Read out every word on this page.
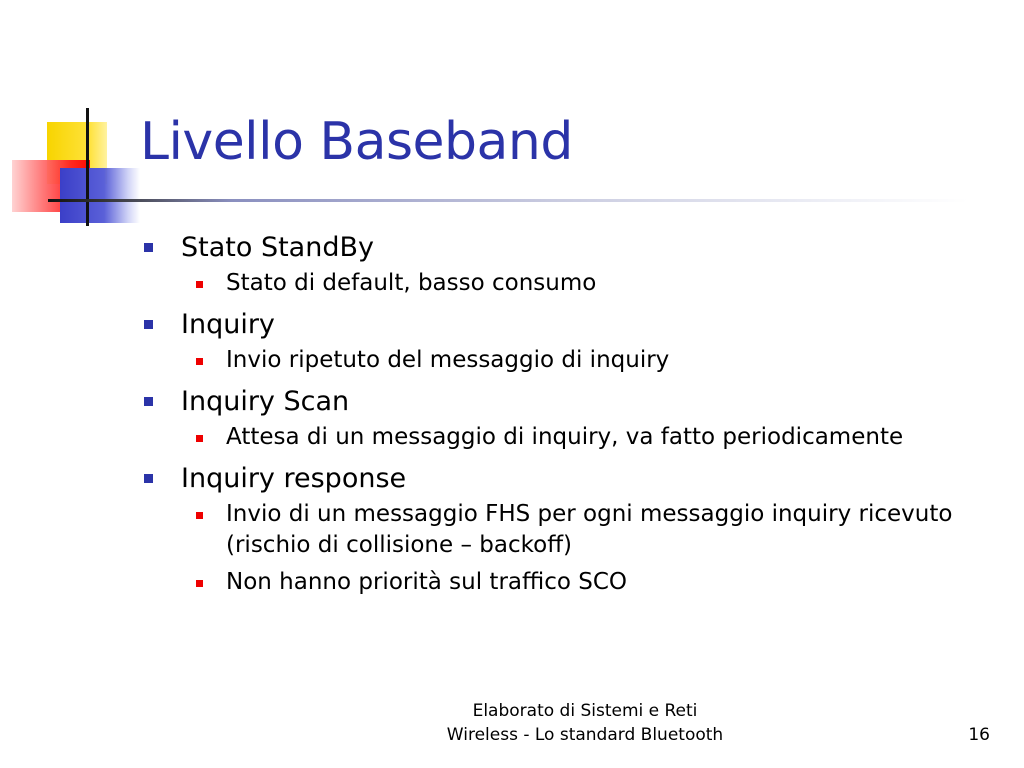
Livello Baseband
Stato StandBy
Stato di default, basso consumo
Inquiry
Invio ripetuto del messaggio di inquiry
Inquiry Scan
Attesa di un messaggio di inquiry, va fatto periodicamente
Inquiry response
Invio di un messaggio FHS per ogni messaggio inquiry ricevuto (rischio di collisione – backoff)
Non hanno priorità sul traffico SCO
Elaborato di Sistemi e Reti
Wireless - Lo standard Bluetooth	16
